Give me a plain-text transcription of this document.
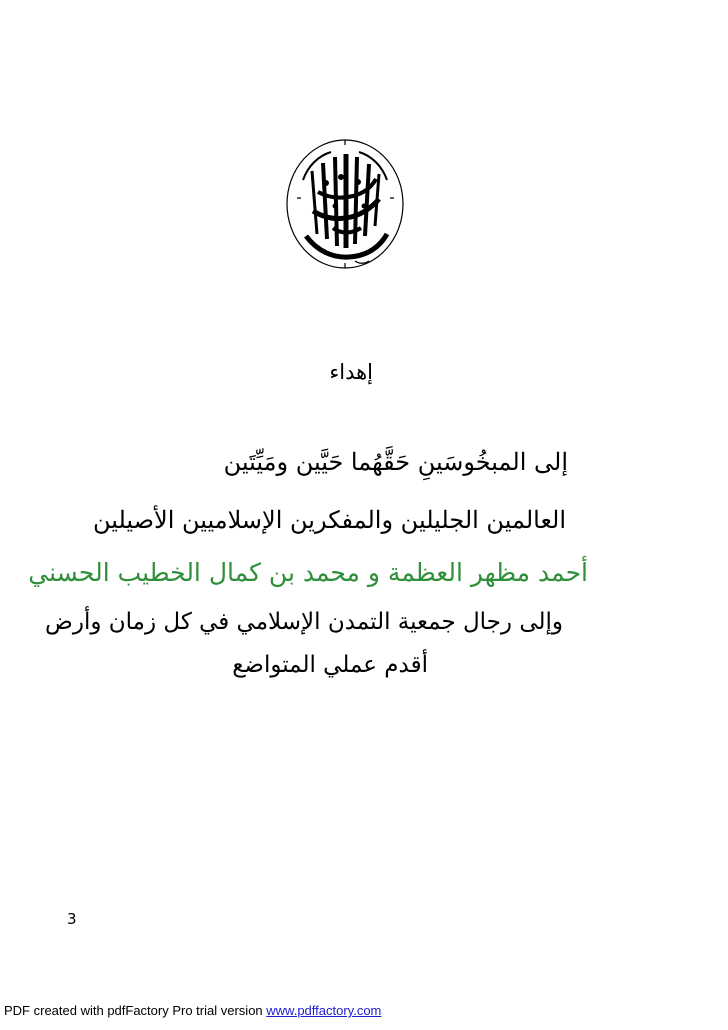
إهداء
إلى المبخُوسَينِ حَقَّهُما حَيَّين ومَيِّتَين
العالمين الجليلين والمفكرين الإسلاميين الأصيلين
أحمد مظهر العظمة و محمد بن كمال الخطيب الحسني
وإلى رجال جمعية التمدن الإسلامي في كل زمان وأرض
أقدم عملي المتواضع
3
PDF created with pdfFactory Pro trial version www.pdffactory.com
